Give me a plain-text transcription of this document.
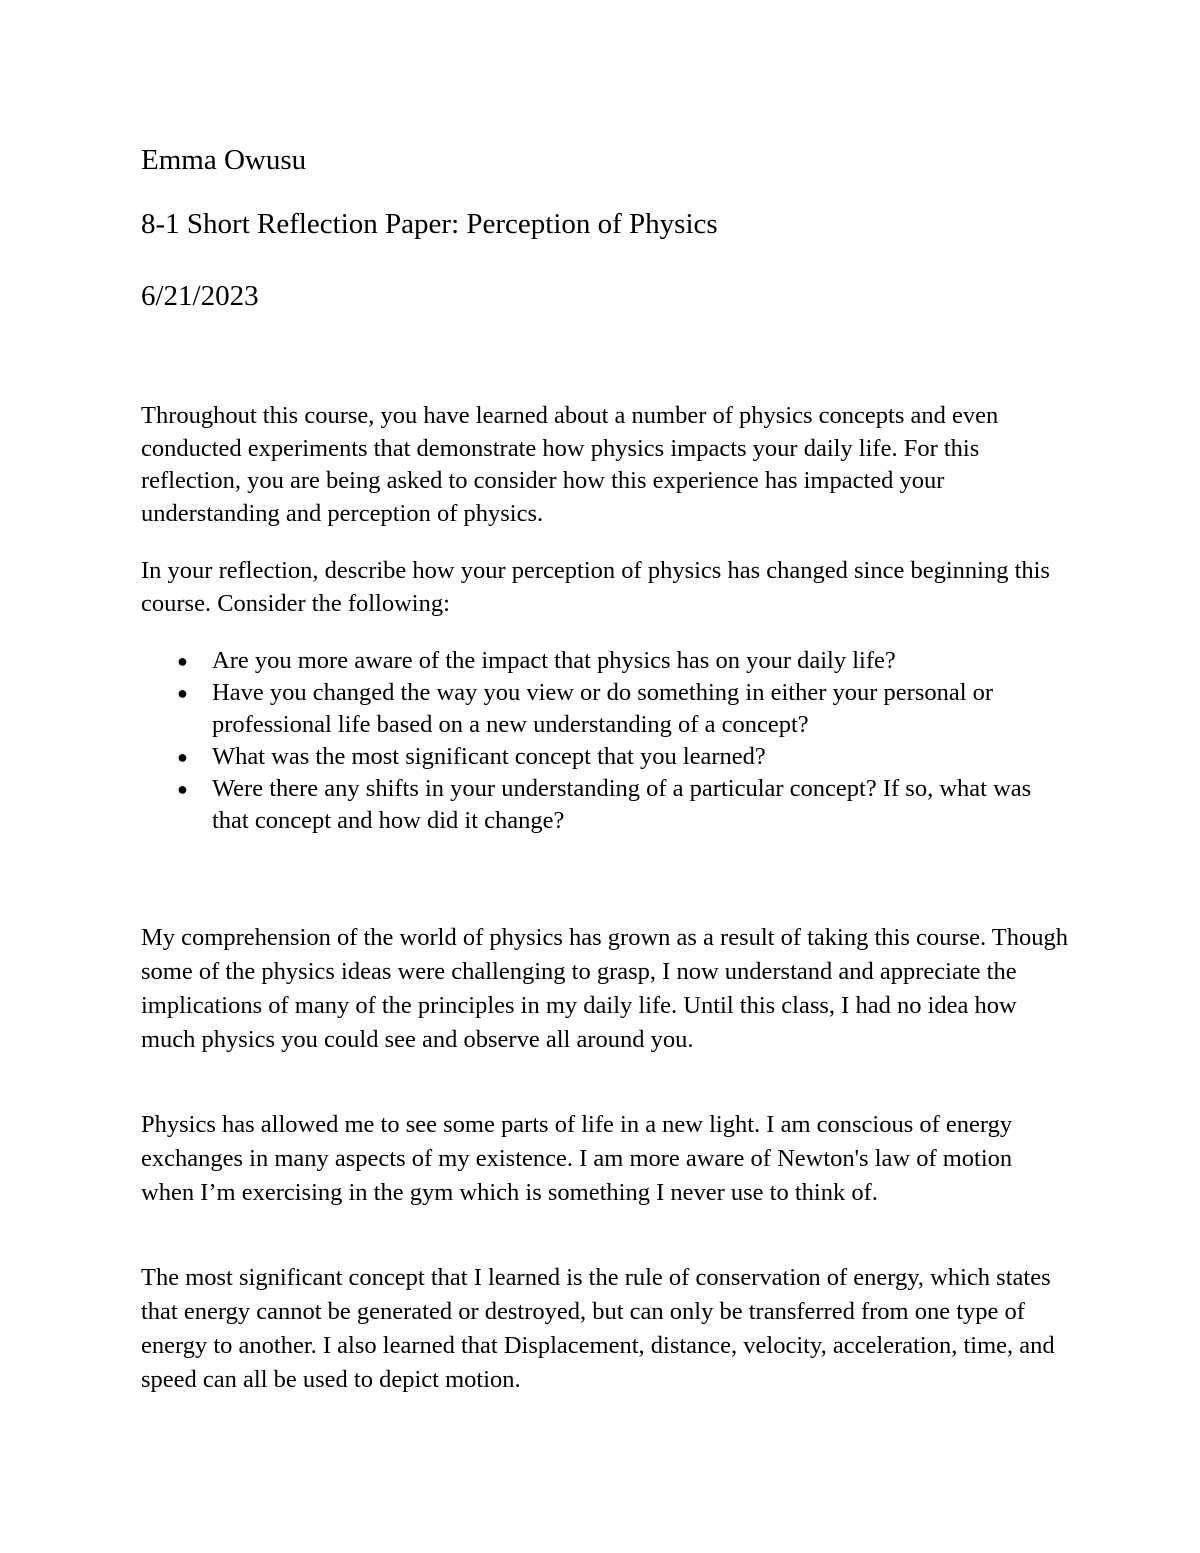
Emma Owusu
8-1 Short Reflection Paper: Perception of Physics
6/21/2023

Throughout this course, you have learned about a number of physics concepts and even conducted experiments that demonstrate how physics impacts your daily life. For this reflection, you are being asked to consider how this experience has impacted your understanding and perception of physics.

In your reflection, describe how your perception of physics has changed since beginning this course. Consider the following:

● Are you more aware of the impact that physics has on your daily life?
● Have you changed the way you view or do something in either your personal or professional life based on a new understanding of a concept?
● What was the most significant concept that you learned?
● Were there any shifts in your understanding of a particular concept? If so, what was that concept and how did it change?

My comprehension of the world of physics has grown as a result of taking this course. Though some of the physics ideas were challenging to grasp, I now understand and appreciate the implications of many of the principles in my daily life. Until this class, I had no idea how much physics you could see and observe all around you.

Physics has allowed me to see some parts of life in a new light. I am conscious of energy exchanges in many aspects of my existence. I am more aware of Newton's law of motion when I’m exercising in the gym which is something I never use to think of.

The most significant concept that I learned is the rule of conservation of energy, which states that energy cannot be generated or destroyed, but can only be transferred from one type of energy to another. I also learned that Displacement, distance, velocity, acceleration, time, and speed can all be used to depict motion.
